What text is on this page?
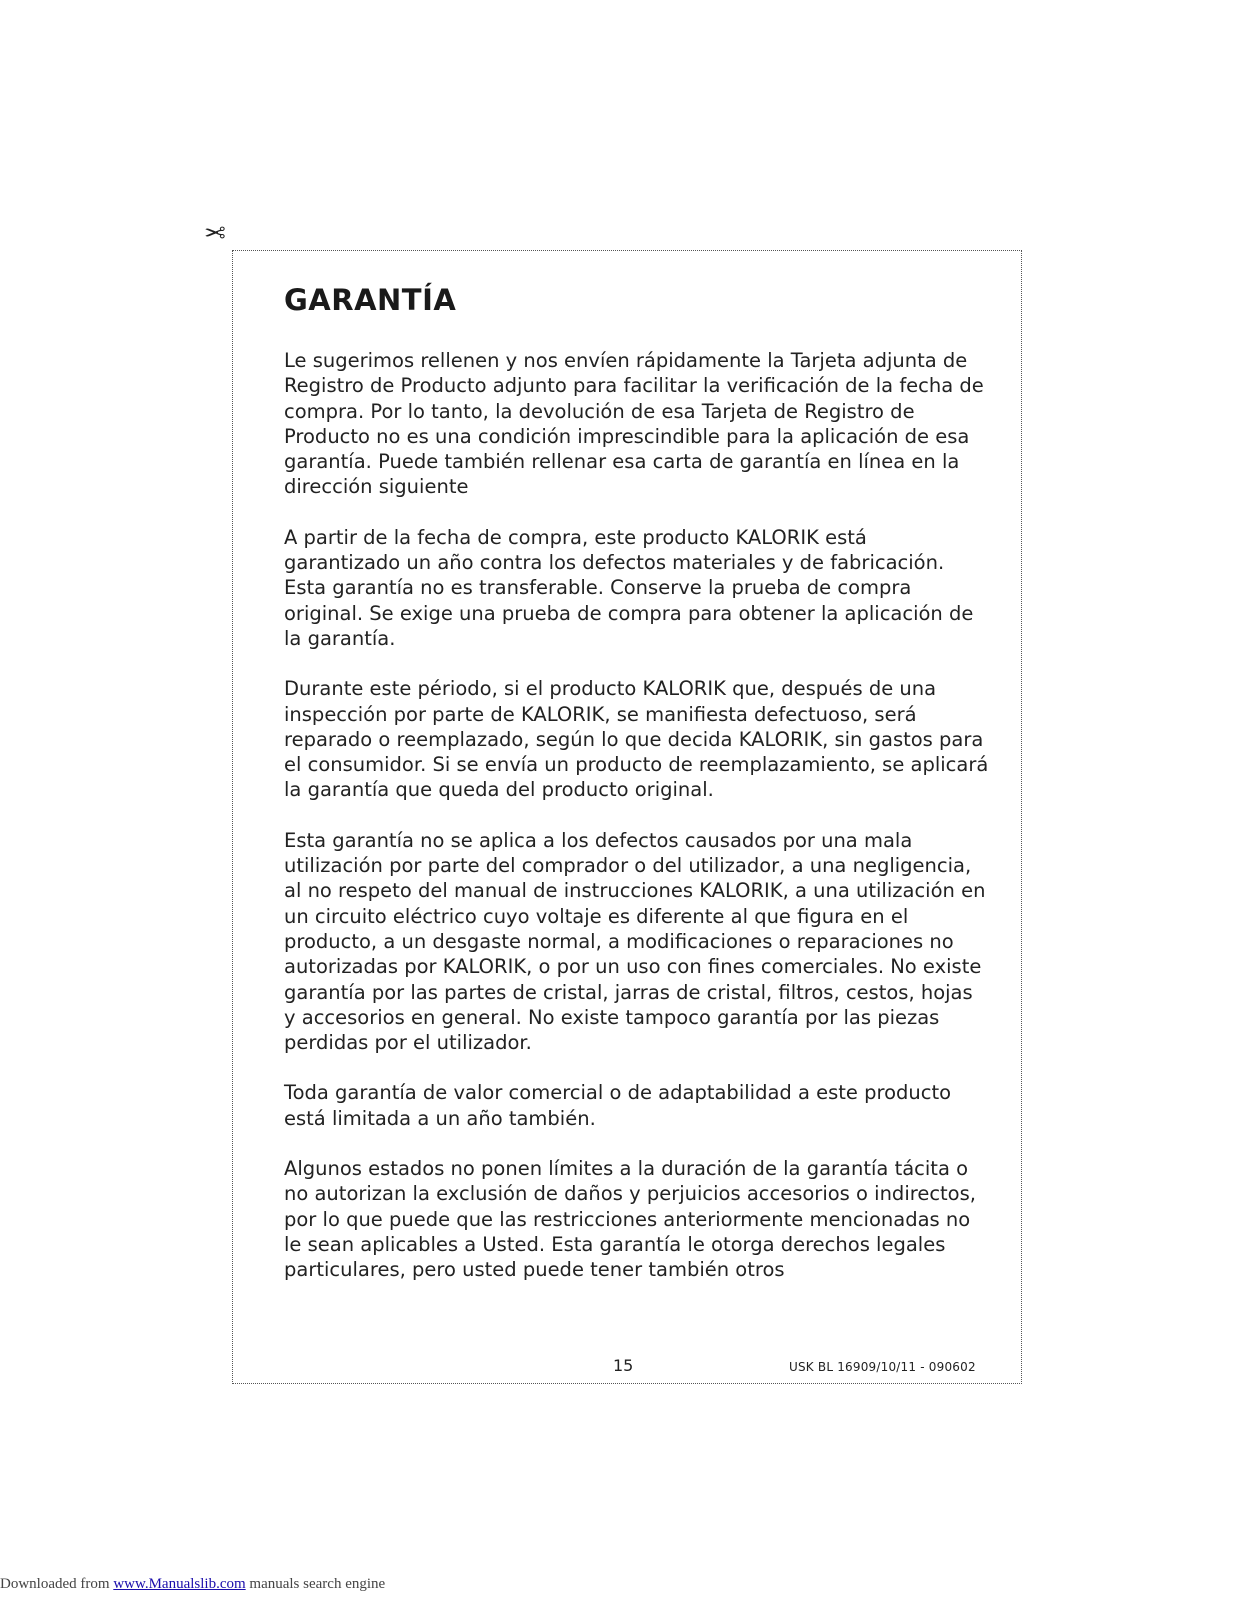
✂
GARANTÍA

Le sugerimos rellenen y nos envíen rápidamente la Tarjeta adjunta de Registro de Producto adjunto para facilitar la verificación de la fecha de compra. Por lo tanto, la devolución de esa Tarjeta de Registro de Producto no es una condición imprescindible para la aplicación de esa garantía. Puede también rellenar esa carta de garantía en línea en la dirección siguiente

A partir de la fecha de compra, este producto KALORIK está garantizado un año contra los defectos materiales y de fabricación. Esta garantía no es transferable. Conserve la prueba de compra original. Se exige una prueba de compra para obtener la aplicación de la garantía.

Durante este périodo, si el producto KALORIK que, después de una inspección por parte de KALORIK, se manifiesta defectuoso, será reparado o reemplazado, según lo que decida KALORIK, sin gastos para el consumidor. Si se envía un producto de reemplazamiento, se aplicará la garantía que queda del producto original.

Esta garantía no se aplica a los defectos causados por una mala utilización por parte del comprador o del utilizador, a una negligencia, al no respeto del manual de instrucciones KALORIK, a una utilización en un circuito eléctrico cuyo voltaje es diferente al que figura en el producto, a un desgaste normal, a modificaciones o reparaciones no autorizadas por KALORIK, o por un uso con fines comerciales. No existe garantía por las partes de cristal, jarras de cristal, filtros, cestos, hojas y accesorios en general. No existe tampoco garantía por las piezas perdidas por el utilizador.

Toda garantía de valor comercial o de adaptabilidad a este producto está limitada a un año también.

Algunos estados no ponen límites a la duración de la garantía tácita o no autorizan la exclusión de daños y perjuicios accesorios o indirectos, por lo que puede que las restricciones anteriormente mencionadas no le sean aplicables a Usted. Esta garantía le otorga derechos legales particulares, pero usted puede tener también otros

15	USK BL 16909/10/11 - 090602
Downloaded from www.Manualslib.com manuals search engine
